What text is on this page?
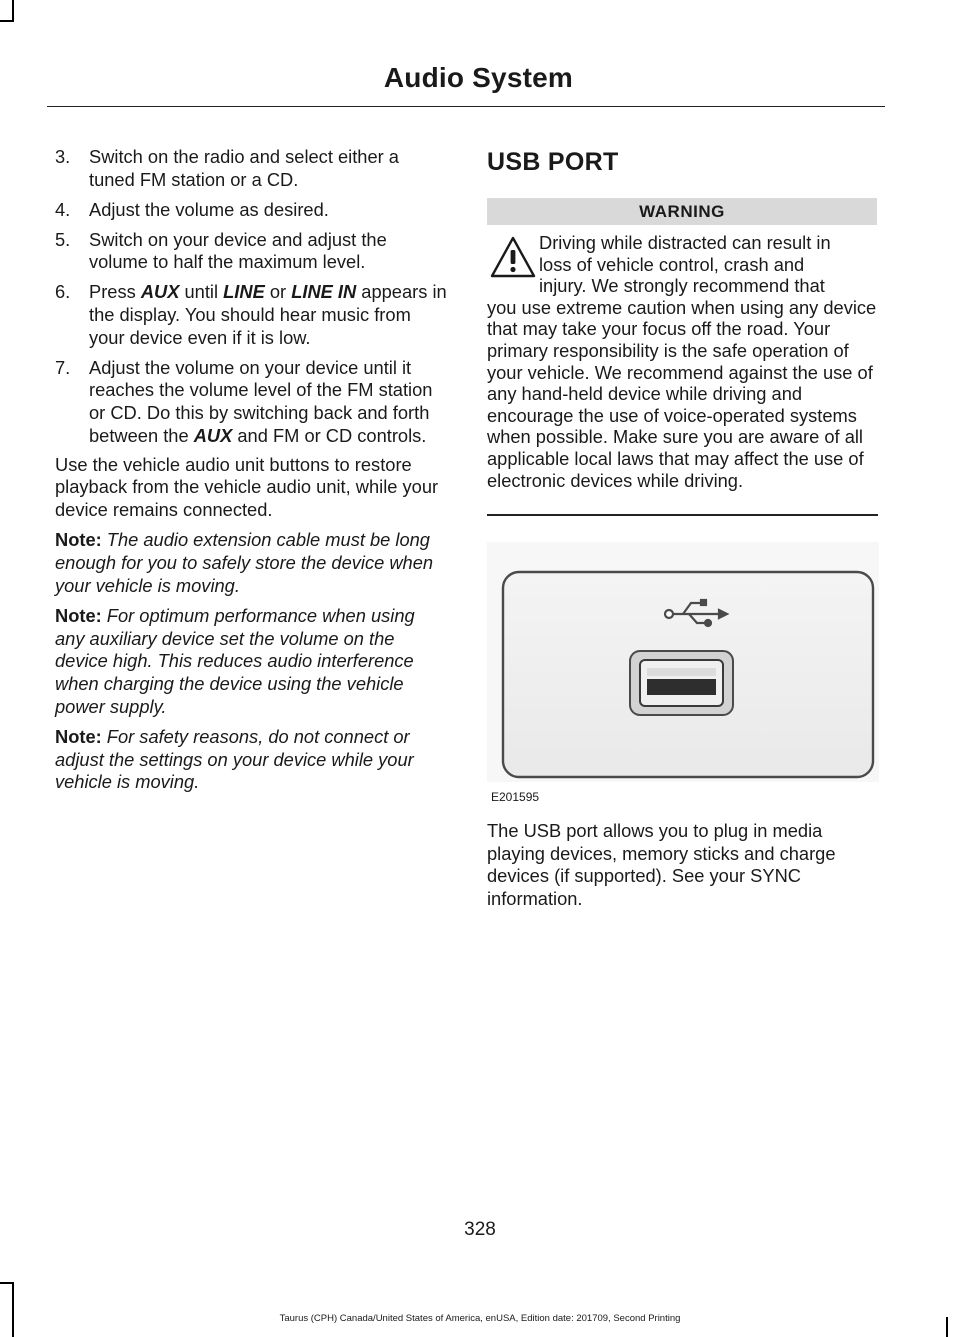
Audio System
3. Switch on the radio and select either a tuned FM station or a CD.
4. Adjust the volume as desired.
5. Switch on your device and adjust the volume to half the maximum level.
6. Press AUX until LINE or LINE IN appears in the display. You should hear music from your device even if it is low.
7. Adjust the volume on your device until it reaches the volume level of the FM station or CD. Do this by switching back and forth between the AUX and FM or CD controls.

Use the vehicle audio unit buttons to restore playback from the vehicle audio unit, while your device remains connected.

Note: The audio extension cable must be long enough for you to safely store the device when your vehicle is moving.

Note: For optimum performance when using any auxiliary device set the volume on the device high. This reduces audio interference when charging the device using the vehicle power supply.

Note: For safety reasons, do not connect or adjust the settings on your device while your vehicle is moving.

USB PORT
WARNING
Driving while distracted can result in
loss of vehicle control, crash and
injury. We strongly recommend that
you use extreme caution when using any device that may take your focus off the road. Your primary responsibility is the safe operation of your vehicle. We recommend against the use of any hand-held device while driving and encourage the use of voice-operated systems when possible. Make sure you are aware of all applicable local laws that may affect the use of electronic devices while driving.
E201595
The USB port allows you to plug in media playing devices, memory sticks and charge devices (if supported). See your SYNC information.
328
Taurus (CPH) Canada/United States of America, enUSA, Edition date: 201709, Second Printing
